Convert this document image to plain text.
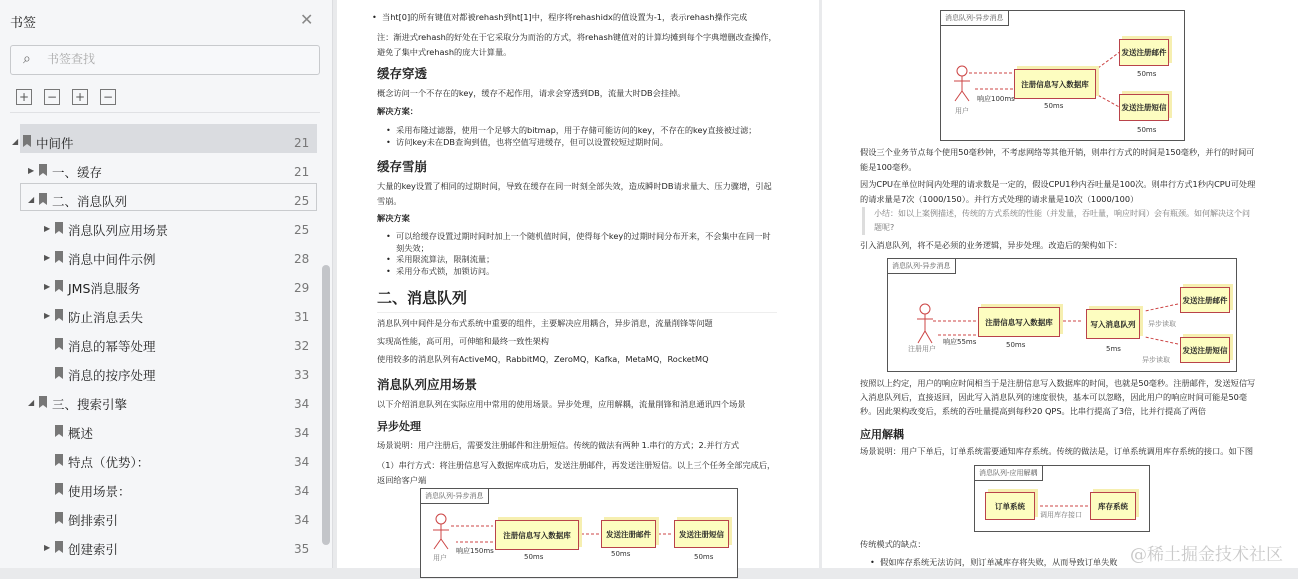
书签	✕
⌕
书签查找
+ − + −
◢ 中间件	21
▶ 一、缓存	21
◢ 二、消息队列	25
▶ 消息队列应用场景	25
▶ 消息中间件示例	28
▶ JMS消息服务	29
▶ 防止消息丢失	31
消息的幂等处理	32
消息的按序处理	33
◢ 三、搜索引擎	34
概述	34
特点（优势）：	34
使用场景：	34
倒排索引	34
▶ 创建索引	35
• 当ht[0]的所有键值对都被rehash到ht[1]中，程序将rehashidx的值设置为-1，表示rehash操作完成
注：渐进式rehash的好处在于它采取分为而治的方式，将rehash键值对的计算均摊到每个字典增删改查操作，避免了集中式rehash的庞大计算量。
缓存穿透
概念访问一个不存在的key，缓存不起作用，请求会穿透到DB，流量大时DB会挂掉。
解决方案：
• 采用布隆过滤器，使用一个足够大的bitmap，用于存储可能访问的key，不存在的key直接被过滤；
• 访问key未在DB查询到值，也将空值写进缓存，但可以设置较短过期时间。
缓存雪崩
大量的key设置了相同的过期时间，导致在缓存在同一时刻全部失效，造成瞬时DB请求量大、压力骤增，引起雪崩。
解决方案
• 可以给缓存设置过期时间时加上一个随机值时间，使得每个key的过期时间分布开来，不会集中在同一时刻失效；
• 采用限流算法，限制流量；
• 采用分布式锁，加锁访问。
二、消息队列
消息队列中间件是分布式系统中重要的组件，主要解决应用耦合，异步消息，流量削锋等问题
实现高性能，高可用，可伸缩和最终一致性架构
使用较多的消息队列有ActiveMQ，RabbitMQ，ZeroMQ，Kafka，MetaMQ，RocketMQ
消息队列应用场景
以下介绍消息队列在实际应用中常用的使用场景。异步处理，应用解耦，流量削锋和消息通讯四个场景
异步处理
场景说明：用户注册后，需要发注册邮件和注册短信。传统的做法有两种 1.串行的方式；2.并行方式
（1）串行方式：将注册信息写入数据库成功后，发送注册邮件，再发送注册短信。以上三个任务全部完成后，返回给客户端
消息队列-异步消息
注册信息写入数据库	发送注册邮件	发送注册短信
用户
响应150ms
50ms	50ms	50ms
消息队列-异步消息
注册信息写入数据库
发送注册邮件
发送注册短信
用户
响应100ms
50ms
50ms
50ms
假设三个业务节点每个使用50毫秒钟，不考虑网络等其他开销，则串行方式的时间是150毫秒，并行的时间可能是100毫秒。
因为CPU在单位时间内处理的请求数是一定的，假设CPU1秒内吞吐量是100次。则串行方式1秒内CPU可处理的请求量是7次（1000/150）。并行方式处理的请求量是10次（1000/100）
小结：如以上案例描述，传统的方式系统的性能（并发量，吞吐量，响应时间）会有瓶颈。如何解决这个问题呢?
引入消息队列，将不是必须的业务逻辑，异步处理。改造后的架构如下：
消息队列-异步消息
注册信息写入数据库	写入消息队列
发送注册邮件
发送注册短信
注册用户
响应55ms	50ms	5ms
异步读取
异步读取
按照以上约定，用户的响应时间相当于是注册信息写入数据库的时间，也就是50毫秒。注册邮件，发送短信写入消息队列后，直接返回，因此写入消息队列的速度很快，基本可以忽略，因此用户的响应时间可能是50毫秒。因此架构改变后，系统的吞吐量提高到每秒20 QPS。比串行提高了3倍，比并行提高了两倍
应用解耦
场景说明：用户下单后，订单系统需要通知库存系统。传统的做法是，订单系统调用库存系统的接口。如下图
消息队列-应用解耦
订单系统	库存系统
调用库存接口
传统模式的缺点：
• 假如库存系统无法访问，则订单减库存将失败，从而导致订单失败 @稀土掘金技术社区
